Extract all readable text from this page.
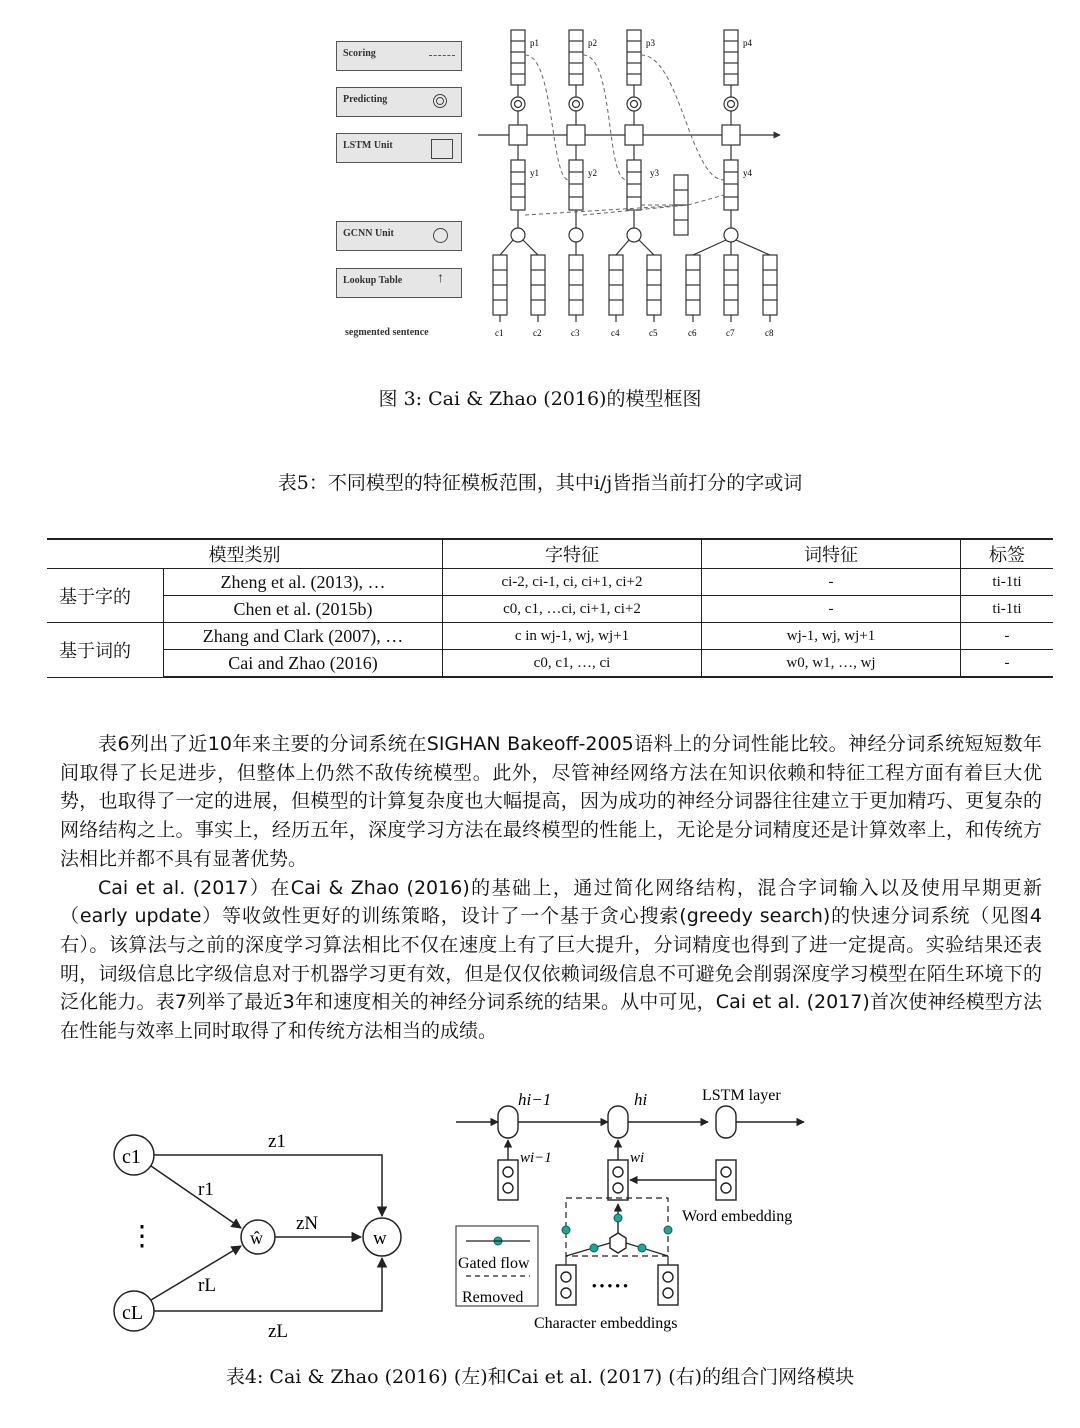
Scoring
Predicting
LSTM Unit
GCNN Unit
Lookup Table ↑
segmented sentence
p1	p2	p3	p4
y1	y2	y3	y4
c1	c2	c3	c4	c5	c6	c7	c8
图 3: Cai & Zhao (2016)的模型框图
表5：不同模型的特征模板范围，其中i/j皆指当前打分的字或词
模型类别		字特征	词特征	标签
基于字的	Zheng et al. (2013), …	ci-2, ci-1, ci, ci+1, ci+2	-	ti-1ti
	Chen et al. (2015b)	c0, c1, …ci, ci+1, ci+2	-	ti-1ti
基于词的	Zhang and Clark (2007), …	c in wj-1, wj, wj+1	wj-1, wj, wj+1	-
	Cai and Zhao (2016)	c0, c1, …, ci	w0, w1, …, wj	-

表6列出了近10年来主要的分词系统在SIGHAN Bakeoff-2005语料上的分词性能比较。神经分词系统短短数年间取得了长足进步，但整体上仍然不敌传统模型。此外，尽管神经网络方法在知识依赖和特征工程方面有着巨大优势，也取得了一定的进展，但模型的计算复杂度也大幅提高，因为成功的神经分词器往往建立于更加精巧、更复杂的网络结构之上。事实上，经历五年，深度学习方法在最终模型的性能上，无论是分词精度还是计算效率上，和传统方法相比并都不具有显著优势。

Cai et al. (2017）在Cai & Zhao (2016)的基础上，通过简化网络结构，混合字词输入以及使用早期更新（early update）等收敛性更好的训练策略，设计了一个基于贪心搜索(greedy search)的快速分词系统（见图4右）。该算法与之前的深度学习算法相比不仅在速度上有了巨大提升，分词精度也得到了进一定提高。实验结果还表明，词级信息比字级信息对于机器学习更有效，但是仅仅依赖词级信息不可避免会削弱深度学习模型在陌生环境下的泛化能力。表7列举了最近3年和速度相关的神经分词系统的结果。从中可见，Cai et al. (2017)首次使神经模型方法在性能与效率上同时取得了和传统方法相当的成绩。

c1
cL
⋮	ŵ	w
z1
zN
zL
r1
rL
hi−1	hi	LSTM layer
wi−1	wi
Word embedding
Character embeddings
Gated flow
Removed
• • • • •
表4: Cai & Zhao (2016) (左)和Cai et al. (2017) (右)的组合门网络模块
